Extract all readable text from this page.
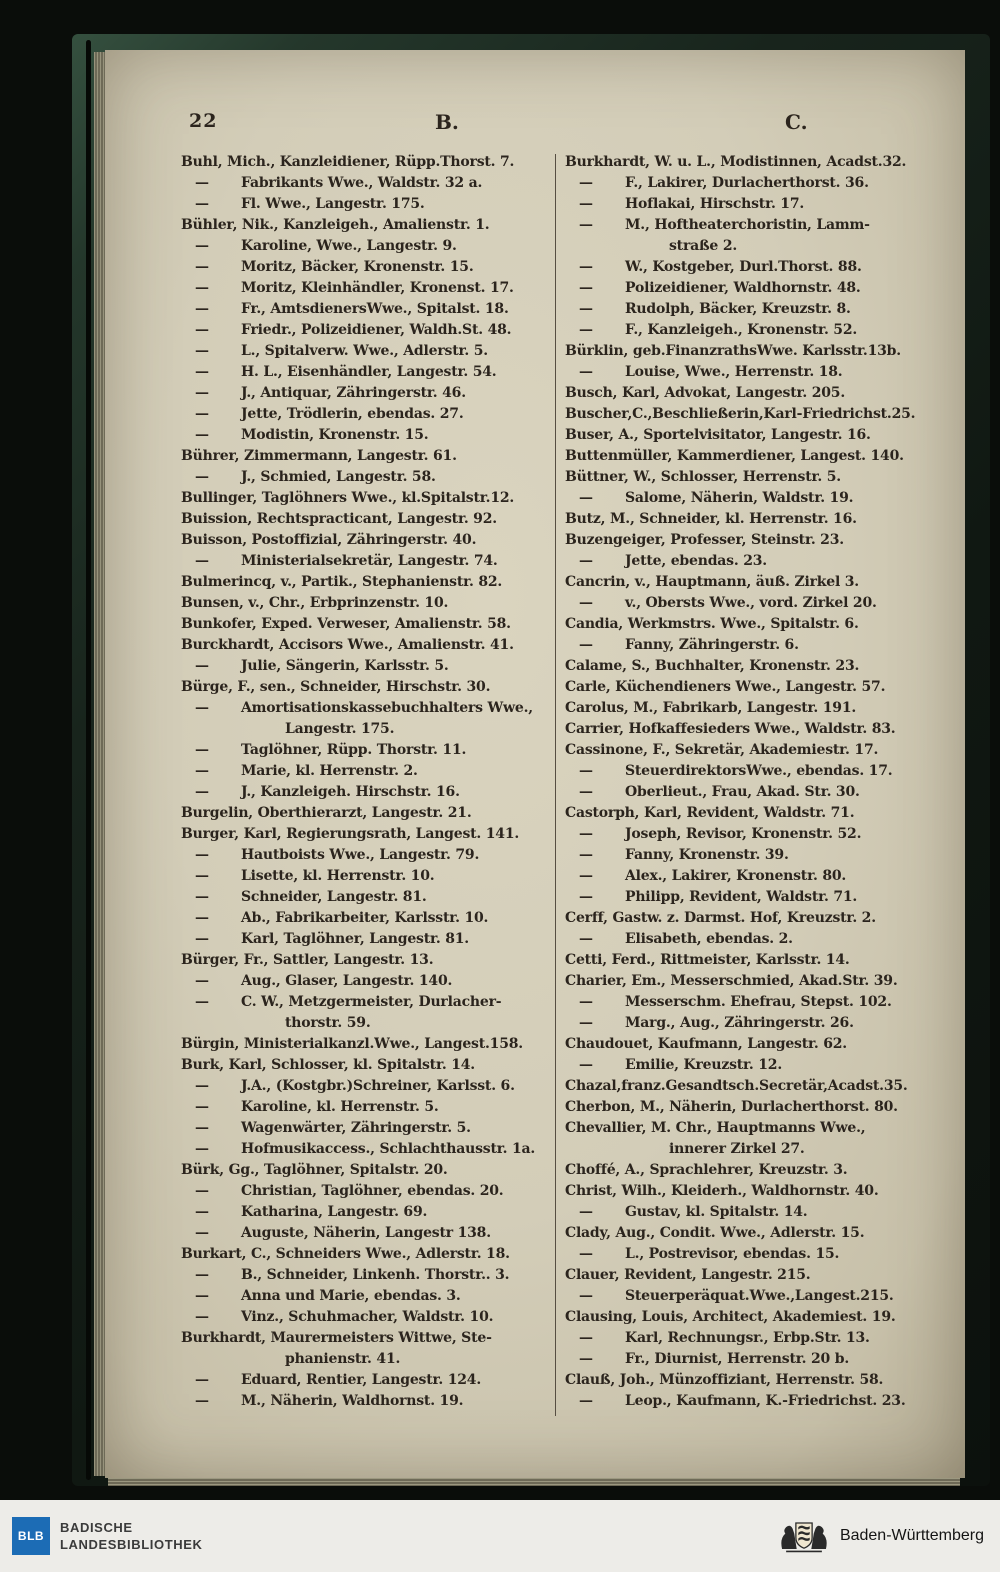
22	B.	C.
Buhl, Mich., Kanzleidiener, Rüpp.Thorst. 7.
— Fabrikants Wwe., Waldstr. 32 a.
— Fl. Wwe., Langestr. 175.
Bühler, Nik., Kanzleigeh., Amalienstr. 1.
— Karoline, Wwe., Langestr. 9.
— Moritz, Bäcker, Kronenstr. 15.
— Moritz, Kleinhändler, Kronenst. 17.
— Fr., AmtsdienersWwe., Spitalst. 18.
— Friedr., Polizeidiener, Waldh.St. 48.
— L., Spitalverw. Wwe., Adlerstr. 5.
— H. L., Eisenhändler, Langestr. 54.
— J., Antiquar, Zähringerstr. 46.
— Jette, Trödlerin, ebendas. 27.
— Modistin, Kronenstr. 15.
Bührer, Zimmermann, Langestr. 61.
— J., Schmied, Langestr. 58.
Bullinger, Taglöhners Wwe., kl.Spitalstr.12.
Buission, Rechtspracticant, Langestr. 92.
Buisson, Postoffizial, Zähringerstr. 40.
— Ministerialsekretär, Langestr. 74.
Bulmerincq, v., Partik., Stephanienstr. 82.
Bunsen, v., Chr., Erbprinzenstr. 10.
Bunkofer, Exped. Verweser, Amalienstr. 58.
Burckhardt, Accisors Wwe., Amalienstr. 41.
— Julie, Sängerin, Karlsstr. 5.
Bürge, F., sen., Schneider, Hirschstr. 30.
— Amortisationskassebuchhalters Wwe.,
Langestr. 175.
— Taglöhner, Rüpp. Thorstr. 11.
— Marie, kl. Herrenstr. 2.
— J., Kanzleigeh. Hirschstr. 16.
Burgelin, Oberthierarzt, Langestr. 21.
Burger, Karl, Regierungsrath, Langest. 141.
— Hautboists Wwe., Langestr. 79.
— Lisette, kl. Herrenstr. 10.
— Schneider, Langestr. 81.
— Ab., Fabrikarbeiter, Karlsstr. 10.
— Karl, Taglöhner, Langestr. 81.
Bürger, Fr., Sattler, Langestr. 13.
— Aug., Glaser, Langestr. 140.
— C. W., Metzgermeister, Durlacher-
thorstr. 59.
Bürgin, Ministerialkanzl.Wwe., Langest.158.
Burk, Karl, Schlosser, kl. Spitalstr. 14.
— J.A., (Kostgbr.)Schreiner, Karlsst. 6.
— Karoline, kl. Herrenstr. 5.
— Wagenwärter, Zähringerstr. 5.
— Hofmusikaccess., Schlachthausstr. 1a.
Bürk, Gg., Taglöhner, Spitalstr. 20.
— Christian, Taglöhner, ebendas. 20.
— Katharina, Langestr. 69.
— Auguste, Näherin, Langestr 138.
Burkart, C., Schneiders Wwe., Adlerstr. 18.
— B., Schneider, Linkenh. Thorstr.. 3.
— Anna und Marie, ebendas. 3.
— Vinz., Schuhmacher, Waldstr. 10.
Burkhardt, Maurermeisters Wittwe, Ste-
phanienstr. 41.
— Eduard, Rentier, Langestr. 124.
— M., Näherin, Waldhornst. 19.
Burkhardt, W. u. L., Modistinnen, Acadst.32.
— F., Lakirer, Durlacherthorst. 36.
— Hoflakai, Hirschstr. 17.
— M., Hoftheaterchoristin, Lamm-
straße 2.
— W., Kostgeber, Durl.Thorst. 88.
— Polizeidiener, Waldhornstr. 48.
— Rudolph, Bäcker, Kreuzstr. 8.
— F., Kanzleigeh., Kronenstr. 52.
Bürklin, geb.FinanzrathsWwe. Karlsstr.13b.
— Louise, Wwe., Herrenstr. 18.
Busch, Karl, Advokat, Langestr. 205.
Buscher,C.,Beschließerin,Karl-Friedrichst.25.
Buser, A., Sportelvisitator, Langestr. 16.
Buttenmüller, Kammerdiener, Langest. 140.
Büttner, W., Schlosser, Herrenstr. 5.
— Salome, Näherin, Waldstr. 19.
Butz, M., Schneider, kl. Herrenstr. 16.
Buzengeiger, Professer, Steinstr. 23.
— Jette, ebendas. 23.
Cancrin, v., Hauptmann, äuß. Zirkel 3.
— v., Obersts Wwe., vord. Zirkel 20.
Candia, Werkmstrs. Wwe., Spitalstr. 6.
— Fanny, Zähringerstr. 6.
Calame, S., Buchhalter, Kronenstr. 23.
Carle, Küchendieners Wwe., Langestr. 57.
Carolus, M., Fabrikarb, Langestr. 191.
Carrier, Hofkaffesieders Wwe., Waldstr. 83.
Cassinone, F., Sekretär, Akademiestr. 17.
— SteuerdirektorsWwe., ebendas. 17.
— Oberlieut., Frau, Akad. Str. 30.
Castorph, Karl, Revident, Waldstr. 71.
— Joseph, Revisor, Kronenstr. 52.
— Fanny, Kronenstr. 39.
— Alex., Lakirer, Kronenstr. 80.
— Philipp, Revident, Waldstr. 71.
Cerff, Gastw. z. Darmst. Hof, Kreuzstr. 2.
— Elisabeth, ebendas. 2.
Cetti, Ferd., Rittmeister, Karlsstr. 14.
Charier, Em., Messerschmied, Akad.Str. 39.
— Messerschm. Ehefrau, Stepst. 102.
— Marg., Aug., Zähringerstr. 26.
Chaudouet, Kaufmann, Langestr. 62.
— Emilie, Kreuzstr. 12.
Chazal,franz.Gesandtsch.Secretär,Acadst.35.
Cherbon, M., Näherin, Durlacherthorst. 80.
Chevallier, M. Chr., Hauptmanns Wwe.,
innerer Zirkel 27.
Choffé, A., Sprachlehrer, Kreuzstr. 3.
Christ, Wilh., Kleiderh., Waldhornstr. 40.
— Gustav, kl. Spitalstr. 14.
Clady, Aug., Condit. Wwe., Adlerstr. 15.
— L., Postrevisor, ebendas. 15.
Clauer, Revident, Langestr. 215.
— Steuerperäquat.Wwe.,Langest.215.
Clausing, Louis, Architect, Akademiest. 19.
— Karl, Rechnungsr., Erbp.Str. 13.
— Fr., Diurnist, Herrenstr. 20 b.
Clauß, Joh., Münzoffiziant, Herrenstr. 58.
— Leop., Kaufmann, K.-Friedrichst. 23.
BLB
BADISCHE
LANDESBIBLIOTHEK
Baden-Württemberg
